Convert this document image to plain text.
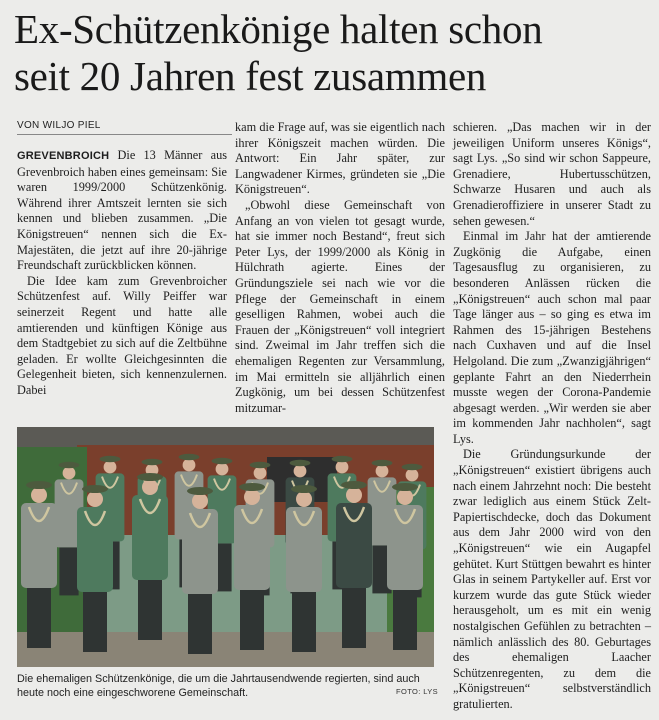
Ex-Schützenkönige halten schon
seit 20 Jahren fest zusammen
VON WILJO PIEL

GREVENBROICH Die 13 Männer aus Grevenbroich haben eines gemeinsam: Sie waren 1999/2000 Schützenkönig. Während ihrer Amtszeit lernten sie sich kennen und blieben zusammen. „Die Königstreuen“ nennen sich die Ex-Majestäten, die jetzt auf ihre 20-jährige Freundschaft zurückblicken können.

Die Idee kam zum Grevenbroicher Schützenfest auf. Willy Peiffer war seinerzeit Regent und hatte alle amtierenden und künftigen Könige aus dem Stadtgebiet zu sich auf die Zeltbühne geladen. Er wollte Gleichgesinnten die Gelegenheit bieten, sich kennenzulernen. Dabei

kam die Frage auf, was sie eigentlich nach ihrer Königszeit machen würden. Die Antwort: Ein Jahr später, zur Langwadener Kirmes, gründeten sie „Die Königstreuen“.

„Obwohl diese Gemeinschaft von Anfang an von vielen tot gesagt wurde, hat sie immer noch Bestand“, freut sich Peter Lys, der 1999/2000 als König in Hülchrath agierte. Eines der Gründungsziele sei nach wie vor die Pflege der Gemeinschaft in einem geselligen Rahmen, wobei auch die Frauen der „Königstreuen“ voll integriert sind. Zweimal im Jahr treffen sich die ehemaligen Regenten zur Versammlung, im Mai ermitteln sie alljährlich einen Zugkönig, um bei dessen Schützenfest mitzumar-

schieren. „Das machen wir in der jeweiligen Uniform unseres Königs“, sagt Lys. „So sind wir schon Sappeure, Grenadiere, Hubertusschützen, Schwarze Husaren und auch als Grenadieroffiziere in unserer Stadt zu sehen gewesen.“

Einmal im Jahr hat der amtierende Zugkönig die Aufgabe, einen Tagesausflug zu organisieren, zu besonderen Anlässen rücken die „Königstreuen“ auch schon mal paar Tage länger aus – so ging es etwa im Rahmen des 15-jährigen Bestehens nach Cuxhaven und auf die Insel Helgoland. Die zum „Zwanzigjährigen“ geplante Fahrt an den Niederrhein musste wegen der Corona-Pandemie abgesagt werden. „Wir werden sie aber im kommenden Jahr nachholen“, sagt Lys.

Die Gründungsurkunde der „Königstreuen“ existiert übrigens auch nach einem Jahrzehnt noch: Die besteht zwar lediglich aus einem Stück Zelt-Papiertischdecke, doch das Dokument aus dem Jahr 2000 wird von den „Königstreuen“ wie ein Augapfel gehütet. Kurt Stüttgen bewahrt es hinter Glas in seinem Partykeller auf. Erst vor kurzem wurde das gute Stück wieder herausgeholt, um es mit ein wenig nostalgischen Gefühlen zu betrachten – nämlich anlässlich des 80. Geburtages des ehemaligen Laacher Schützenregenten, zu dem die „Königstreuen“ selbstverständlich gratulierten.

Die ehemaligen Schützenkönige, die um die Jahrtausendwende regierten, sind auch heute noch eine eingeschworene Gemeinschaft.	FOTO: LYS
